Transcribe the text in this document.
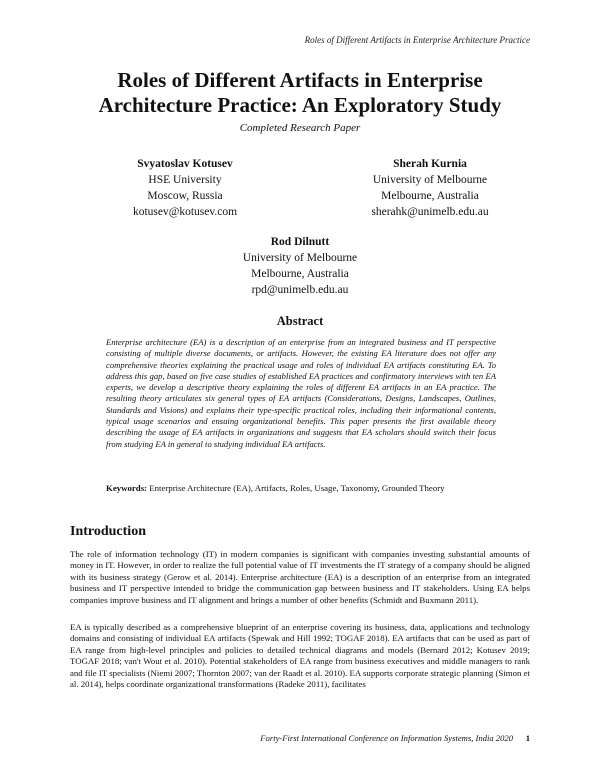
Roles of Different Artifacts in Enterprise Architecture Practice
Roles of Different Artifacts in Enterprise
Architecture Practice: An Exploratory Study
Completed Research Paper
Svyatoslav Kotusev
HSE University
Moscow, Russia
kotusev@kotusev.com
Sherah Kurnia
University of Melbourne
Melbourne, Australia
sherahk@unimelb.edu.au
Rod Dilnutt
University of Melbourne
Melbourne, Australia
rpd@unimelb.edu.au
Abstract
Enterprise architecture (EA) is a description of an enterprise from an integrated business and IT perspective consisting of multiple diverse documents, or artifacts. However, the existing EA literature does not offer any comprehensive theories explaining the practical usage and roles of individual EA artifacts constituting EA. To address this gap, based on five case studies of established EA practices and confirmatory interviews with ten EA experts, we develop a descriptive theory explaining the roles of different EA artifacts in an EA practice. The resulting theory articulates six general types of EA artifacts (Considerations, Designs, Landscapes, Outlines, Standards and Visions) and explains their type-specific practical roles, including their informational contents, typical usage scenarios and ensuing organizational benefits. This paper presents the first available theory describing the usage of EA artifacts in organizations and suggests that EA scholars should switch their focus from studying EA in general to studying individual EA artifacts.
Keywords: Enterprise Architecture (EA), Artifacts, Roles, Usage, Taxonomy, Grounded Theory
Introduction
The role of information technology (IT) in modern companies is significant with companies investing substantial amounts of money in IT. However, in order to realize the full potential value of IT investments the IT strategy of a company should be aligned with its business strategy (Gerow et al. 2014). Enterprise architecture (EA) is a description of an enterprise from an integrated business and IT perspective intended to bridge the communication gap between business and IT stakeholders. Using EA helps companies improve business and IT alignment and brings a number of other benefits (Schmidt and Buxmann 2011).
EA is typically described as a comprehensive blueprint of an enterprise covering its business, data, applications and technology domains and consisting of individual EA artifacts (Spewak and Hill 1992; TOGAF 2018). EA artifacts that can be used as part of EA range from high-level principles and policies to detailed technical diagrams and models (Bernard 2012; Kotusev 2019; TOGAF 2018; van't Wout et al. 2010). Potential stakeholders of EA range from business executives and middle managers to rank and file IT specialists (Niemi 2007; Thornton 2007; van der Raadt et al. 2010). EA supports corporate strategic planning (Simon et al. 2014), helps coordinate organizational transformations (Radeke 2011), facilitates
Forty-First International Conference on Information Systems, India 2020 1
